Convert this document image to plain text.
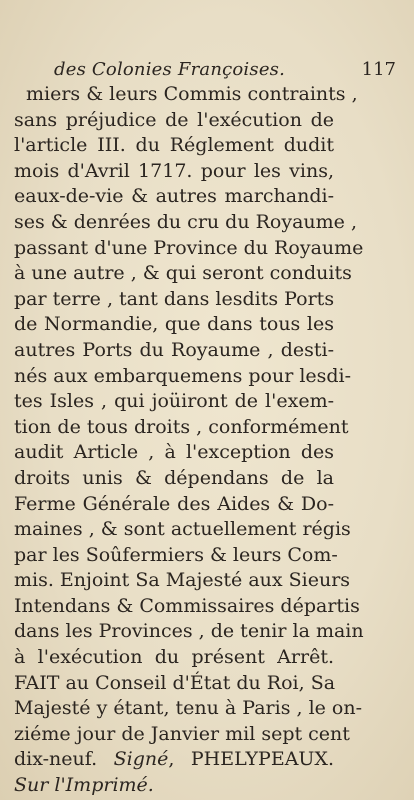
des Colonies Françoises.	117
miers & leurs Commis contraints ,
sans préjudice de l'exécution de
l'article III. du Réglement dudit
mois d'Avril 1717. pour les vins,
eaux-de-vie & autres marchandi-
ses & denrées du cru du Royaume ,
passant d'une Province du Royaume
à une autre , & qui seront conduits
par terre , tant dans lesdits Ports
de Normandie, que dans tous les
autres Ports du Royaume , desti-
nés aux embarquemens pour lesdi-
tes Isles , qui joüiront de l'exem-
tion de tous droits , conformément
audit Article , à l'exception des
droits unis & dépendans de la
Ferme Générale des Aides & Do-
maines , & sont actuellement régis
par les Soûfermiers & leurs Com-
mis. Enjoint Sa Majesté aux Sieurs
Intendans & Commissaires départis
dans les Provinces , de tenir la main
à l'exécution du présent Arrêt.
FAIT au Conseil d'État du Roi, Sa
Majesté y étant, tenu à Paris , le on-
ziéme jour de Janvier mil sept cent
dix-neuf. Signé, PHELYPEAUX.
Sur l'Imprimé.
